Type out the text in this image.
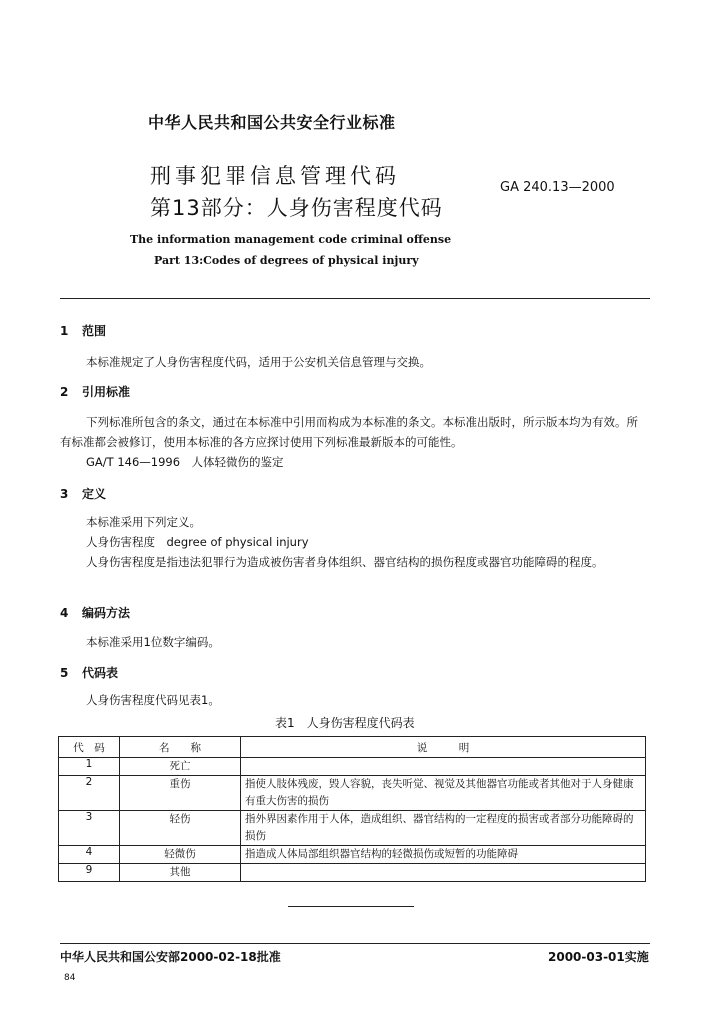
中华人民共和国公共安全行业标准
刑事犯罪信息管理代码
第13部分：人身伤害程度代码
GA 240.13—2000
The information management code criminal offense
Part 13:Codes of degrees of physical injury
1 范围
本标准规定了人身伤害程度代码，适用于公安机关信息管理与交换。
2 引用标准
下列标准所包含的条文，通过在本标准中引用而构成为本标准的条文。本标准出版时，所示版本均为有效。所有标准都会被修订，使用本标准的各方应探讨使用下列标准最新版本的可能性。
GA/T 146—1996　人体轻微伤的鉴定
3 定义
本标准采用下列定义。
人身伤害程度　degree of physical injury
人身伤害程度是指违法犯罪行为造成被伤害者身体组织、器官结构的损伤程度或器官功能障碍的程度。
4 编码方法
本标准采用1位数字编码。
5 代码表
人身伤害程度代码见表1。
表1　人身伤害程度代码表
代　码	名　　称	说　　　明
1	死亡	
2	重伤	指使人肢体残废，毁人容貌，丧失听觉、视觉及其他器官功能或者其他对于人身健康有重大伤害的损伤
3	轻伤	指外界因素作用于人体，造成组织、器官结构的一定程度的损害或者部分功能障碍的损伤
4	轻微伤	指造成人体局部组织器官结构的轻微损伤或短暂的功能障碍
9	其他	
中华人民共和国公安部2000-02-18批准	2000-03-01实施
84
